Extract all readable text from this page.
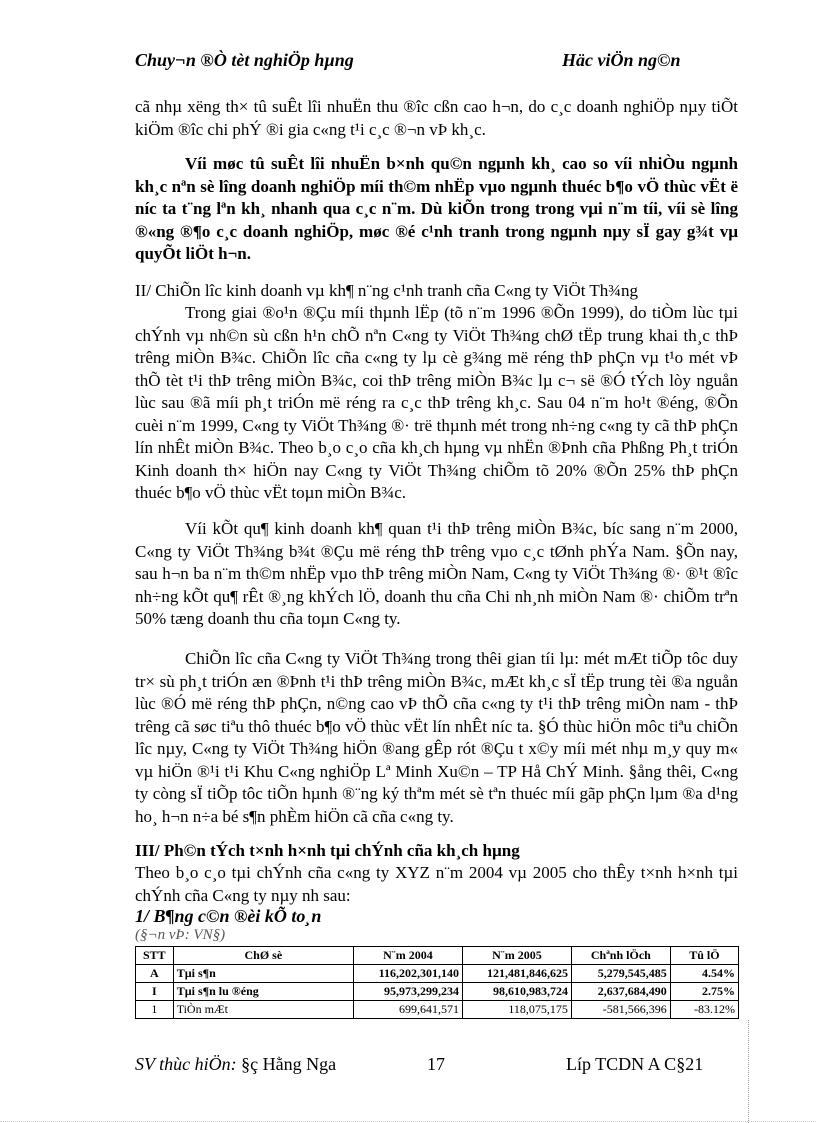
Chuy¬n ®Ò tèt nghiÖp hµng	Häc viÖn ng©n
cã nhµ xëng th× tû suÊt lîi nhuËn thu ®îc cßn cao h¬n, do c¸c doanh nghiÖp nµy tiÕt kiÖm ®îc chi phÝ ®i gia c«ng t¹i c¸c ®¬n vÞ kh¸c.
Víi møc tû suÊt lîi nhuËn b×nh qu©n ngµnh kh¸ cao so víi nhiÒu ngµnh kh¸c nªn sè lîng doanh nghiÖp míi th©m nhËp vµo ngµnh thuéc b¶o vÖ thùc vËt ë níc ta t¨ng lªn kh¸ nhanh qua c¸c n¨m. Dù kiÕn trong trong vµi n¨m tíi, víi sè lîng ®«ng ®¶o c¸c doanh nghiÖp, møc ®é c¹nh tranh trong ngµnh nµy sÏ gay g¾t vµ quyÕt liÖt h¬n.
II/ ChiÕn lîc kinh doanh vµ kh¶ n¨ng c¹nh tranh cña C«ng ty ViÖt Th¾ng
Trong giai ®o¹n ®Çu míi thµnh lËp (tõ n¨m 1996 ®Õn 1999), do tiÒm lùc tµi chÝnh vµ nh©n sù cßn h¹n chÕ nªn C«ng ty ViÖt Th¾ng chØ tËp trung khai th¸c thÞ trêng miÒn B¾c. ChiÕn lîc cña c«ng ty lµ cè g¾ng më réng thÞ phÇn vµ t¹o mét vÞ thÕ tèt t¹i thÞ trêng miÒn B¾c, coi thÞ trêng miÒn B¾c lµ c¬ së ®Ó tÝch lòy nguån lùc sau ®ã míi ph¸t triÓn më réng ra c¸c thÞ trêng kh¸c. Sau 04 n¨m ho¹t ®éng, ®Õn cuèi n¨m 1999, C«ng ty ViÖt Th¾ng ®· trë thµnh mét trong nh÷ng c«ng ty cã thÞ phÇn lín nhÊt miÒn B¾c. Theo b¸o c¸o cña kh¸ch hµng vµ nhËn ®Þnh cña Phßng Ph¸t triÓn Kinh doanh th× hiÖn nay C«ng ty ViÖt Th¾ng chiÕm tõ 20% ®Õn 25% thÞ phÇn thuéc b¶o vÖ thùc vËt toµn miÒn B¾c.
Víi kÕt qu¶ kinh doanh kh¶ quan t¹i thÞ trêng miÒn B¾c, bíc sang n¨m 2000, C«ng ty ViÖt Th¾ng b¾t ®Çu më réng thÞ trêng vµo c¸c tØnh phÝa Nam. §Õn nay, sau h¬n ba n¨m th©m nhËp vµo thÞ trêng miÒn Nam, C«ng ty ViÖt Th¾ng ®· ®¹t ®îc nh÷ng kÕt qu¶ rÊt ®¸ng khÝch lÖ, doanh thu cña Chi nh¸nh miÒn Nam ®· chiÕm trªn 50% tæng doanh thu cña toµn C«ng ty.
ChiÕn lîc cña C«ng ty ViÖt Th¾ng trong thêi gian tíi lµ: mét mÆt tiÕp tôc duy tr× sù ph¸t triÓn æn ®Þnh t¹i thÞ trêng miÒn B¾c, mÆt kh¸c sÏ tËp trung tèi ®a nguån lùc ®Ó më réng thÞ phÇn, n©ng cao vÞ thÕ cña c«ng ty t¹i thÞ trêng miÒn nam - thÞ trêng cã søc tiªu thô thuéc b¶o vÖ thùc vËt lín nhÊt níc ta. §Ó thùc hiÖn môc tiªu chiÕn lîc nµy, C«ng ty ViÖt Th¾ng hiÖn ®ang gÊp rót ®Çu t x©y míi mét nhµ m¸y quy m« vµ hiÖn ®¹i t¹i Khu C«ng nghiÖp Lª Minh Xu©n – TP Hå ChÝ Minh. §ång thêi, C«ng ty còng sÏ tiÕp tôc tiÕn hµnh ®¨ng ký thªm mét sè tªn thuéc míi gãp phÇn lµm ®a d¹ng ho¸ h¬n n÷a bé s¶n phÈm hiÖn cã cña c«ng ty.
III/ Ph©n tÝch t×nh h×nh tµi chÝnh cña kh¸ch hµng
Theo b¸o c¸o tµi chÝnh cña c«ng ty XYZ n¨m 2004 vµ 2005 cho thÊy t×nh h×nh tµi chÝnh cña C«ng ty nµy nh sau:
1/ B¶ng c©n ®èi kÕ to¸n
(§¬n vÞ: VN§)
STT	ChØ sè	N¨m 2004	N¨m 2005	Chªnh lÖch	Tû lÖ
A	Tµi s¶n	116,202,301,140	121,481,846,625	5,279,545,485	4.54%
I	Tµi s¶n lu ®éng	95,973,299,234	98,610,983,724	2,637,684,490	2.75%
1	TiÒn mÆt	699,641,571	118,075,175	-581,566,396	-83.12%
SV thùc hiÖn: §ç Hằng Nga	17	Líp TCDN A C§21
